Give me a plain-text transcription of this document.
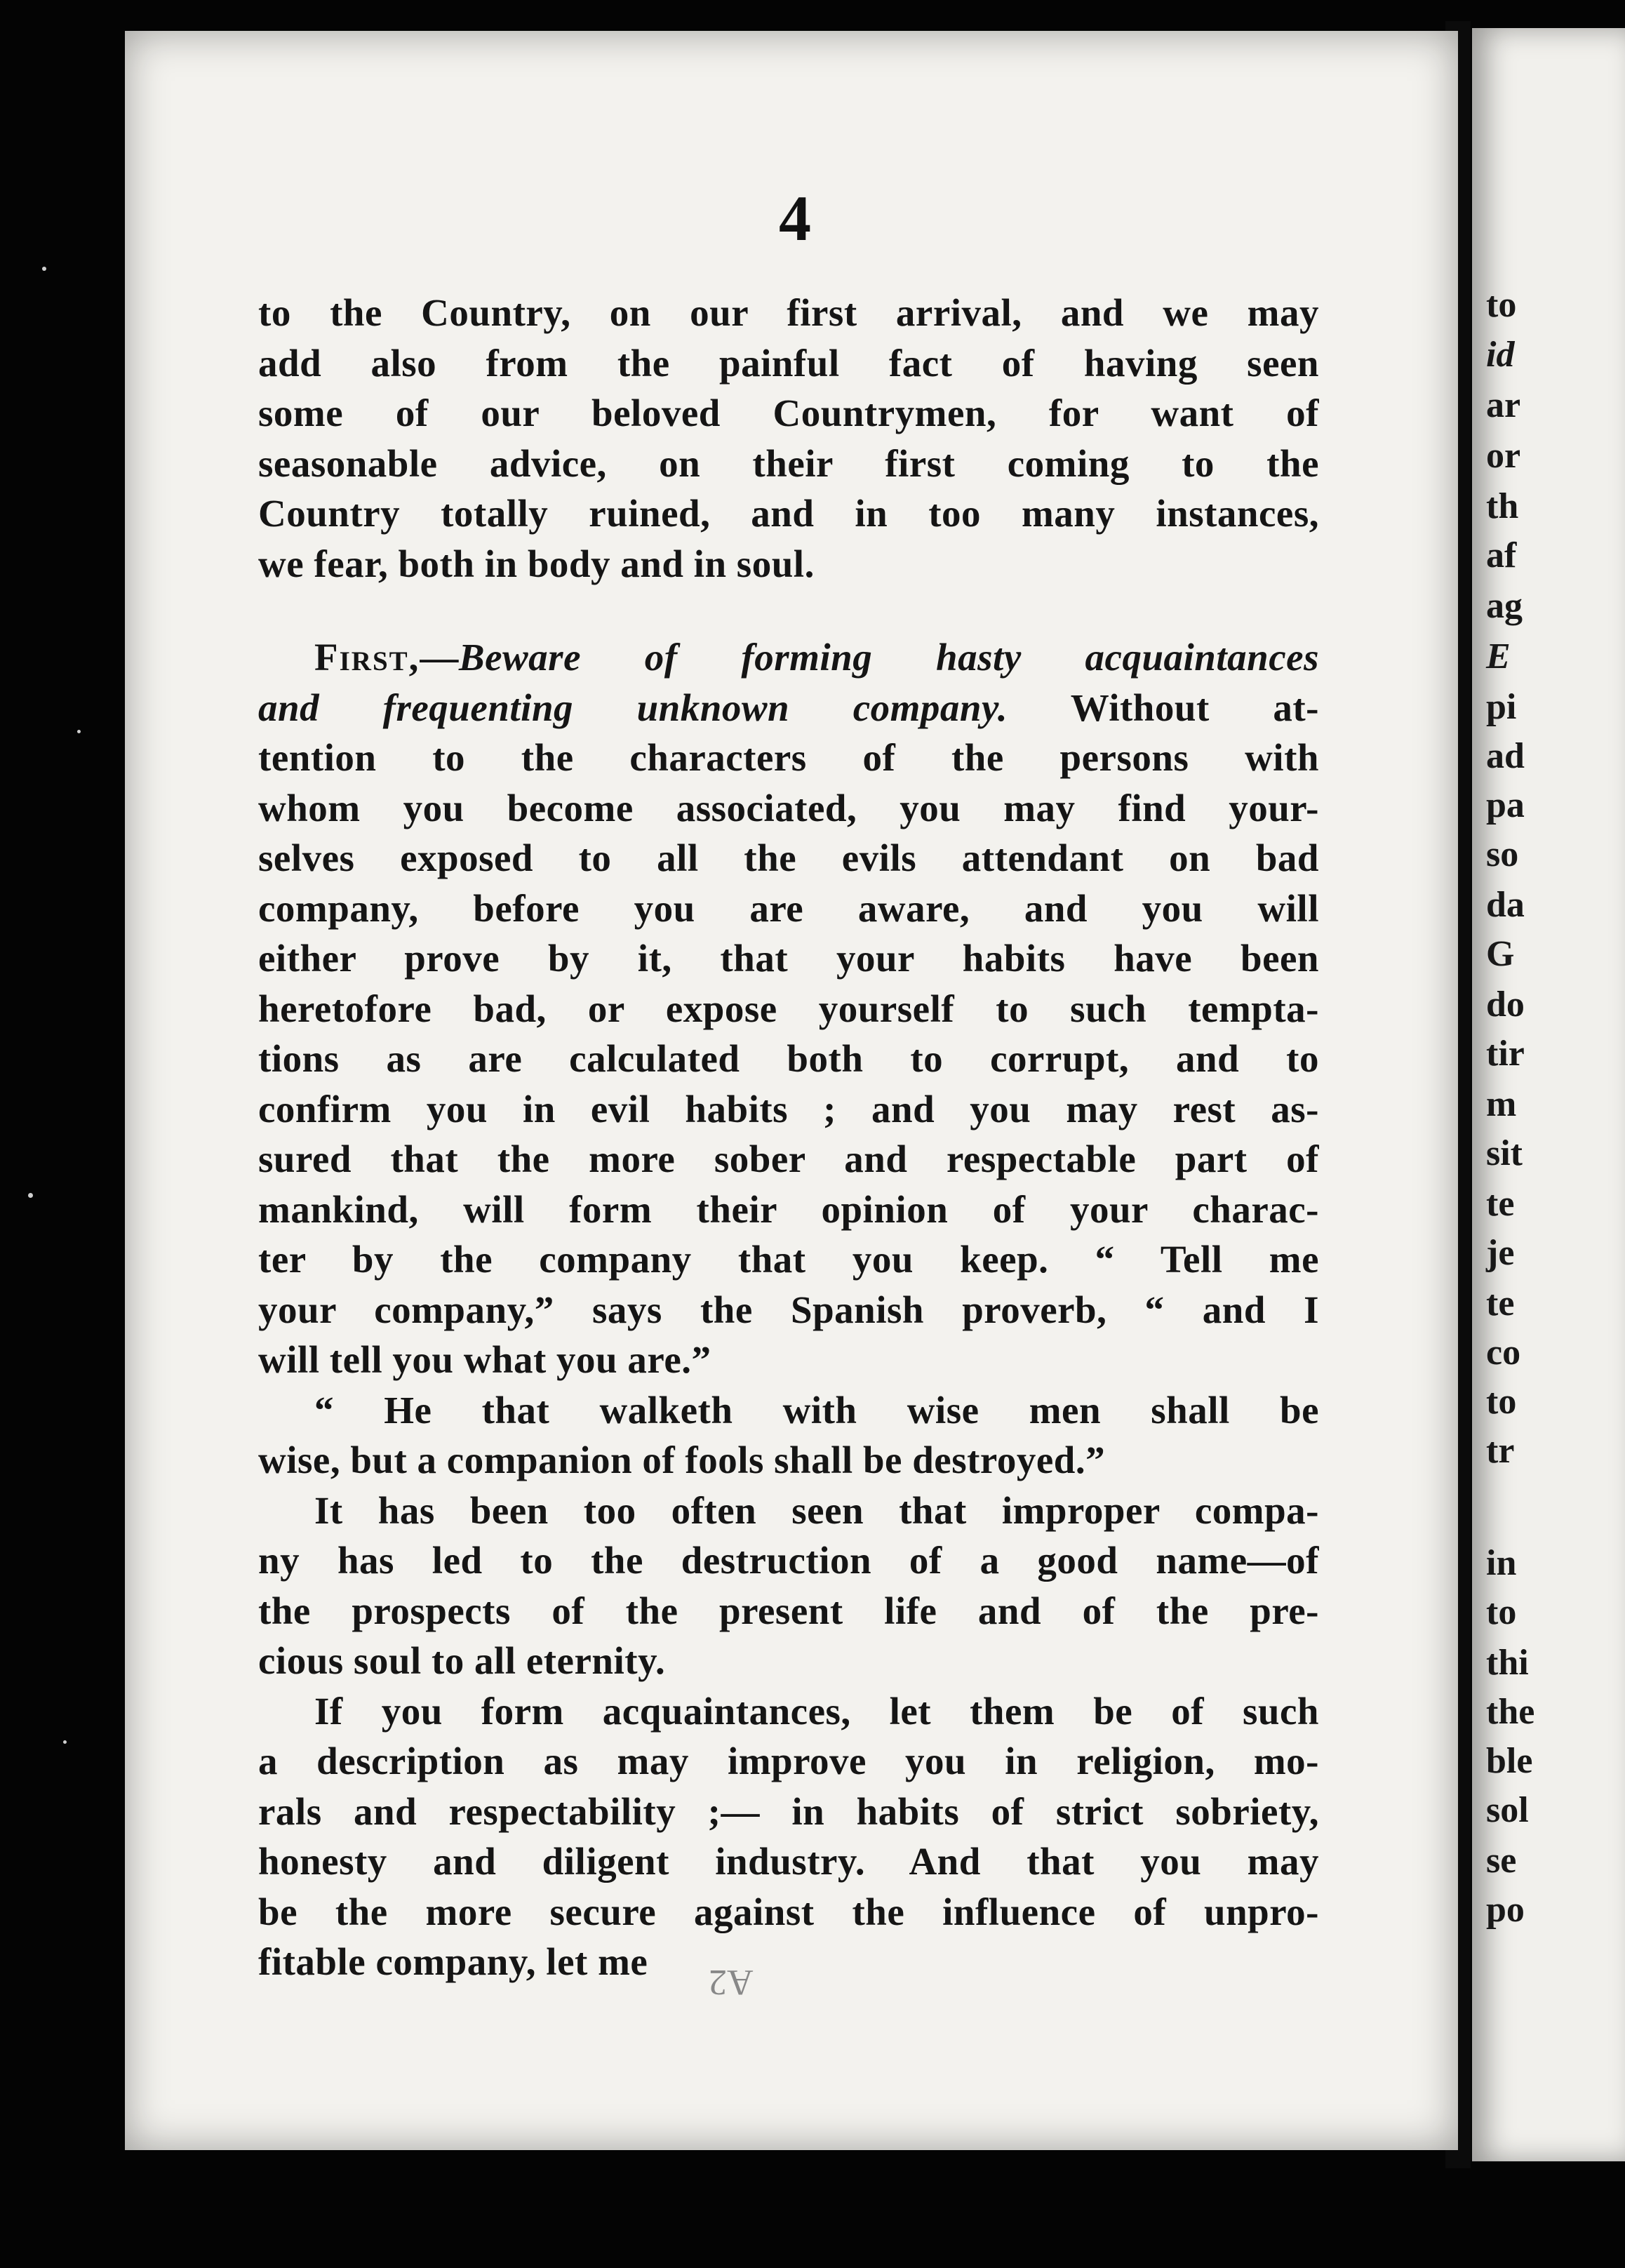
4
to the Country, on our first arrival, and we may
add also from the painful fact of having seen
some of our beloved Countrymen, for want of
seasonable advice, on their first coming to the
Country totally ruined, and in too many instances,
we fear, both in body and in soul.
First,—Beware of forming hasty acquaintances
and frequenting unknown company. Without at-
tention to the characters of the persons with
whom you become associated, you may find your-
selves exposed to all the evils attendant on bad
company, before you are aware, and you will
either prove by it, that your habits have been
heretofore bad, or expose yourself to such tempta-
tions as are calculated both to corrupt, and to
confirm you in evil habits ; and you may rest as-
sured that the more sober and respectable part of
mankind, will form their opinion of your charac-
ter by the company that you keep. “ Tell me
your company,” says the Spanish proverb, “ and I
will tell you what you are.”
“ He that walketh with wise men shall be
wise, but a companion of fools shall be destroyed.”
It has been too often seen that improper compa-
ny has led to the destruction of a good name—of
the prospects of the present life and of the pre-
cious soul to all eternity.
If you form acquaintances, let them be of such
a description as may improve you in religion, mo-
rals and respectability ;— in habits of strict sobriety,
honesty and diligent industry. And that you may
be the more secure against the influence of unpro-
fitable company, let me	A2
to
id
ar
or
th
af
ag
E
pi
ad
pa
so
da
G
do
tir
m
sit
te
je
te
co
to
tr
in
to
thi
the
ble
sol
se
po
